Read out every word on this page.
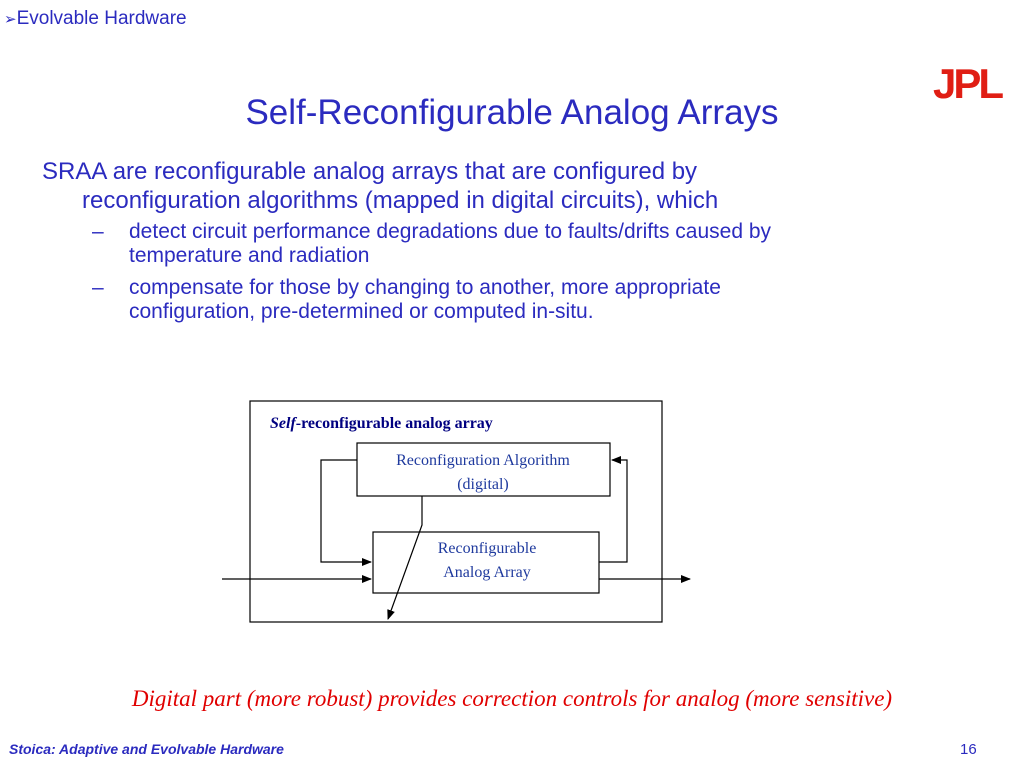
➢Evolvable Hardware
JPL
Self-Reconfigurable Analog Arrays
SRAA are reconfigurable analog arrays that are configured by
reconfiguration algorithms (mapped in digital circuits), which
–	detect circuit performance degradations due to faults/drifts caused by
temperature and radiation
–	compensate for those by changing to another, more appropriate
configuration, pre-determined or computed in-situ.
Self-reconfigurable analog array
Reconfiguration Algorithm
(digital)
Reconfigurable
Analog Array
Digital part (more robust) provides correction controls for analog (more sensitive)
Stoica: Adaptive and Evolvable Hardware	16
